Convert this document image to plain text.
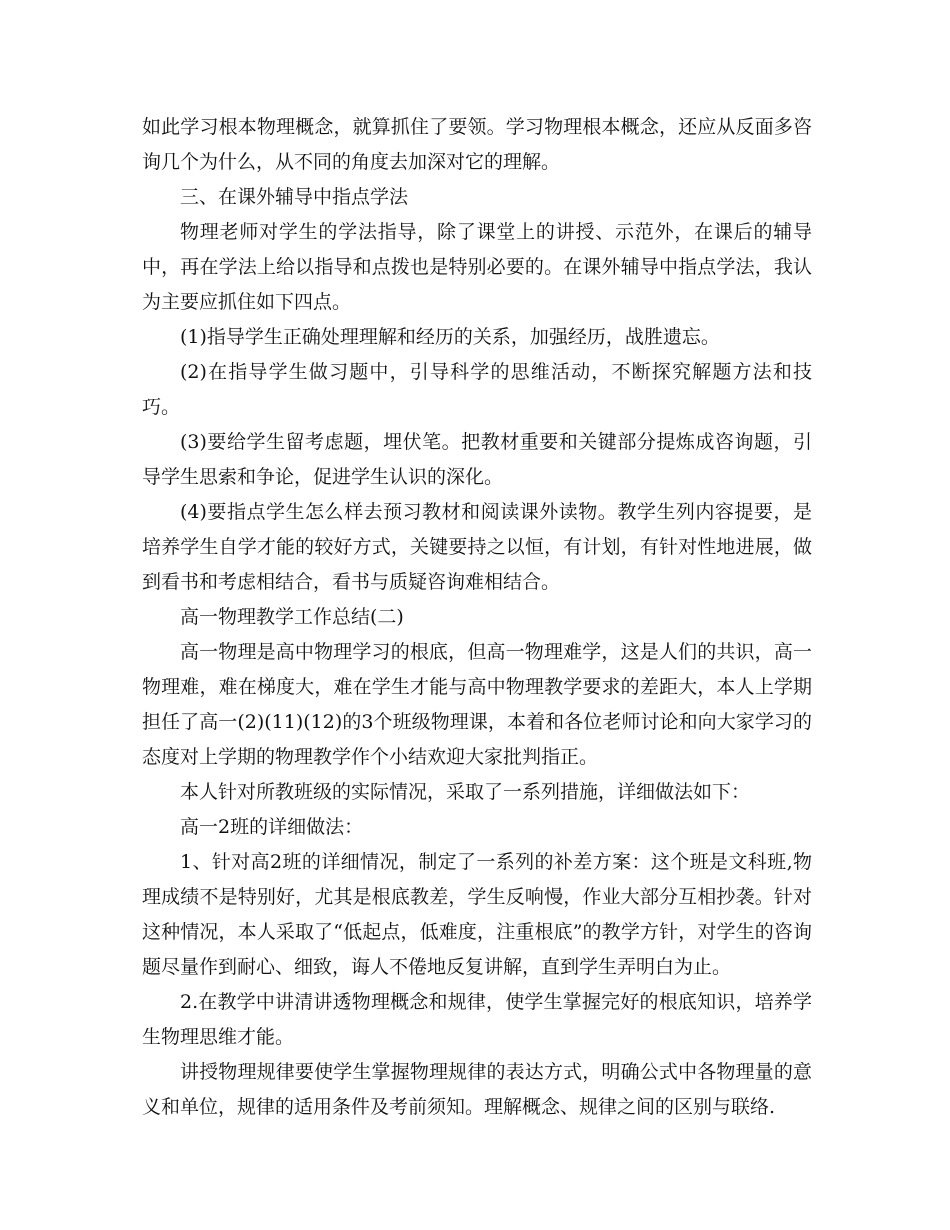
如此学习根本物理概念，就算抓住了要领。学习物理根本概念，还应从反面多咨询几个为什么，从不同的角度去加深对它的理解。

三、在课外辅导中指点学法

物理老师对学生的学法指导，除了课堂上的讲授、示范外，在课后的辅导中，再在学法上给以指导和点拨也是特别必要的。在课外辅导中指点学法，我认为主要应抓住如下四点。

(1)指导学生正确处理理解和经历的关系，加强经历，战胜遗忘。

(2)在指导学生做习题中，引导科学的思维活动，不断探究解题方法和技巧。

(3)要给学生留考虑题，埋伏笔。把教材重要和关键部分提炼成咨询题，引导学生思索和争论，促进学生认识的深化。

(4)要指点学生怎么样去预习教材和阅读课外读物。教学生列内容提要，是培养学生自学才能的较好方式，关键要持之以恒，有计划，有针对性地进展，做到看书和考虑相结合，看书与质疑咨询难相结合。

高一物理教学工作总结(二)

高一物理是高中物理学习的根底，但高一物理难学，这是人们的共识，高一物理难，难在梯度大，难在学生才能与高中物理教学要求的差距大，本人上学期担任了高一(2)(11)(12)的3个班级物理课，本着和各位老师讨论和向大家学习的态度对上学期的物理教学作个小结欢迎大家批判指正。

本人针对所教班级的实际情况，采取了一系列措施，详细做法如下：

高一2班的详细做法：

1、针对高2班的详细情况，制定了一系列的补差方案：这个班是文科班,物理成绩不是特别好，尤其是根底教差，学生反响慢，作业大部分互相抄袭。针对这种情况，本人采取了“低起点，低难度，注重根底”的教学方针，对学生的咨询题尽量作到耐心、细致，诲人不倦地反复讲解，直到学生弄明白为止。

2.在教学中讲清讲透物理概念和规律，使学生掌握完好的根底知识，培养学生物理思维才能。

讲授物理规律要使学生掌握物理规律的表达方式，明确公式中各物理量的意义和单位，规律的适用条件及考前须知。理解概念、规律之间的区别与联络.
